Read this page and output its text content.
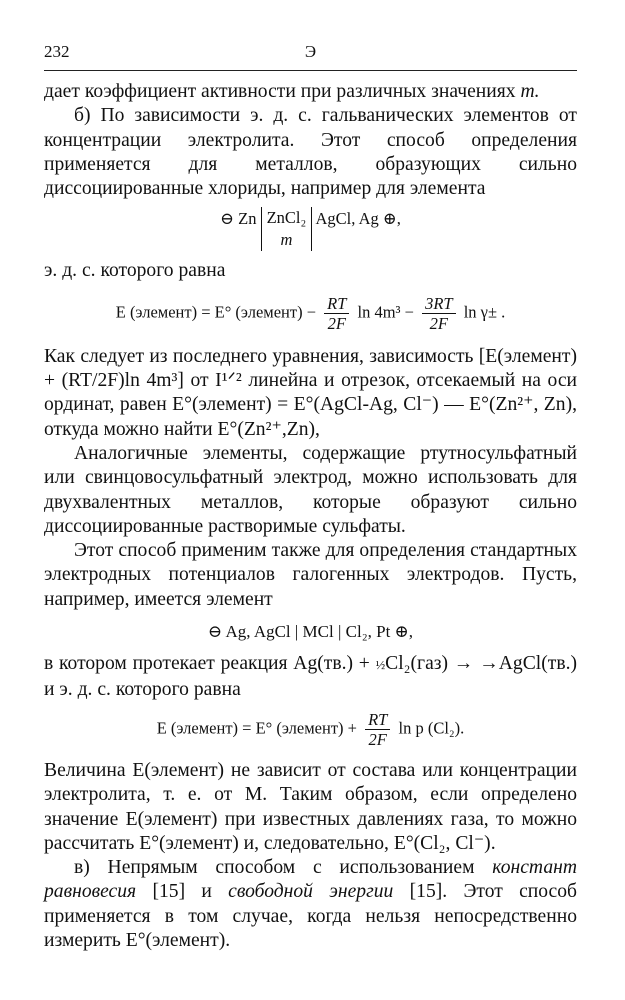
232	Э

дает коэффициент активности при различных значениях m.

б) По зависимости э. д. с. гальванических элементов от концентрации электролита. Этот способ определения применяется для металлов, образующих сильно диссоциированные хлориды, например для элемента

⊖ Zn ZnCl₂
m AgCl, Ag ⊕,

э. д. с. которого равна

E (элемент) = E° (элемент) − $\frac{RT}{2F}$ $\ln 4m^3 - \frac{3RT}{2F}$ ln γ± .

Как следует из последнего уравнения, зависимость [E(элемент) + (RT/2F)ln 4m³] от I¹ᐟ² линейна и отрезок, отсекаемый на оси ординат, равен E°(элемент) = E°(AgCl-Ag, Cl⁻) — E°(Zn²⁺, Zn), откуда можно найти E°(Zn²⁺,Zn),

Аналогичные элементы, содержащие ртутносульфатный или свинцовосульфатный электрод, можно использовать для двухвалентных металлов, которые образуют сильно диссоциированные растворимые сульфаты.

Этот способ применим также для определения стандартных электродных потенциалов галогенных электродов. Пусть, например, имеется элемент

⊖ Ag, AgCl | MCl | Cl₂, Pt ⊕,

в котором протекает реакция Ag(тв.) + ½Cl₂(газ) → →AgCl(тв.) и э. д. с. которого равна

E (элемент) = E° (элемент) + $\frac{RT}{2F}$ ln p (Cl₂).

Величина E(элемент) не зависит от состава или концентрации электролита, т. е. от М. Таким образом, если определено значение E(элемент) при известных давлениях газа, то можно рассчитать E°(элемент) и, следовательно, E°(Cl₂, Cl⁻).

в) Непрямым способом с использованием констант равновесия [15] и свободной энергии [15]. Этот способ применяется в том случае, когда нельзя непосредственно измерить E°(элемент).
